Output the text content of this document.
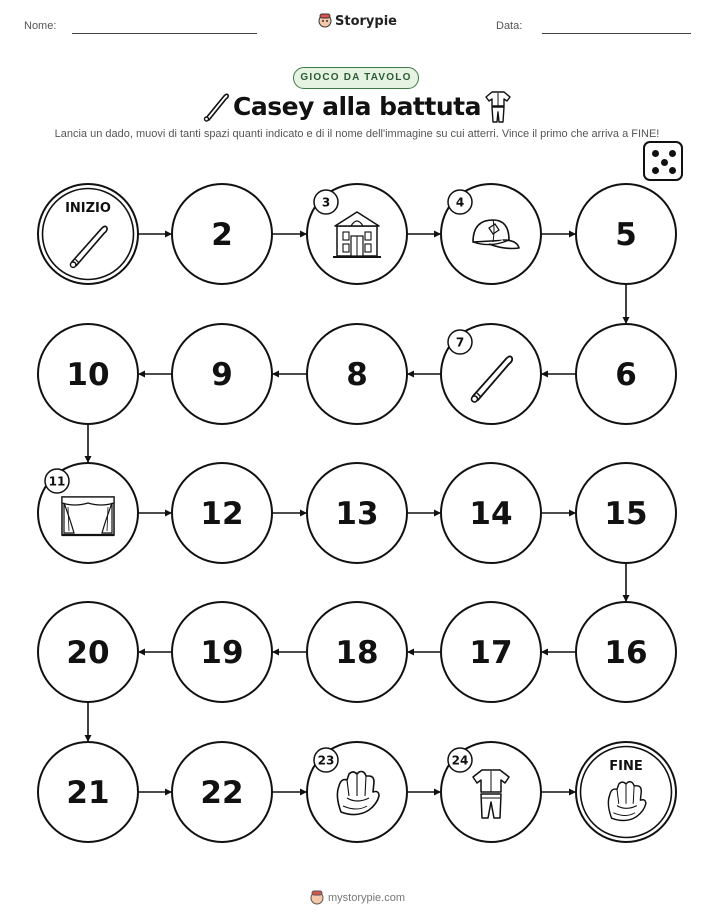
Nome:	Storypie	Data:
GIOCO DA TAVOLO
Casey alla battuta
Lancia un dado, muovi di tanti spazi quanti indicato e di il nome dell'immagine su cui atterri. Vince il primo che arriva a FINE!
INIZIO
2
3	4
5
6
7
8
9
10
11
12	13	14	15
16
17
18
19
20
21	22
23	24	FINE
mystorypie.com
